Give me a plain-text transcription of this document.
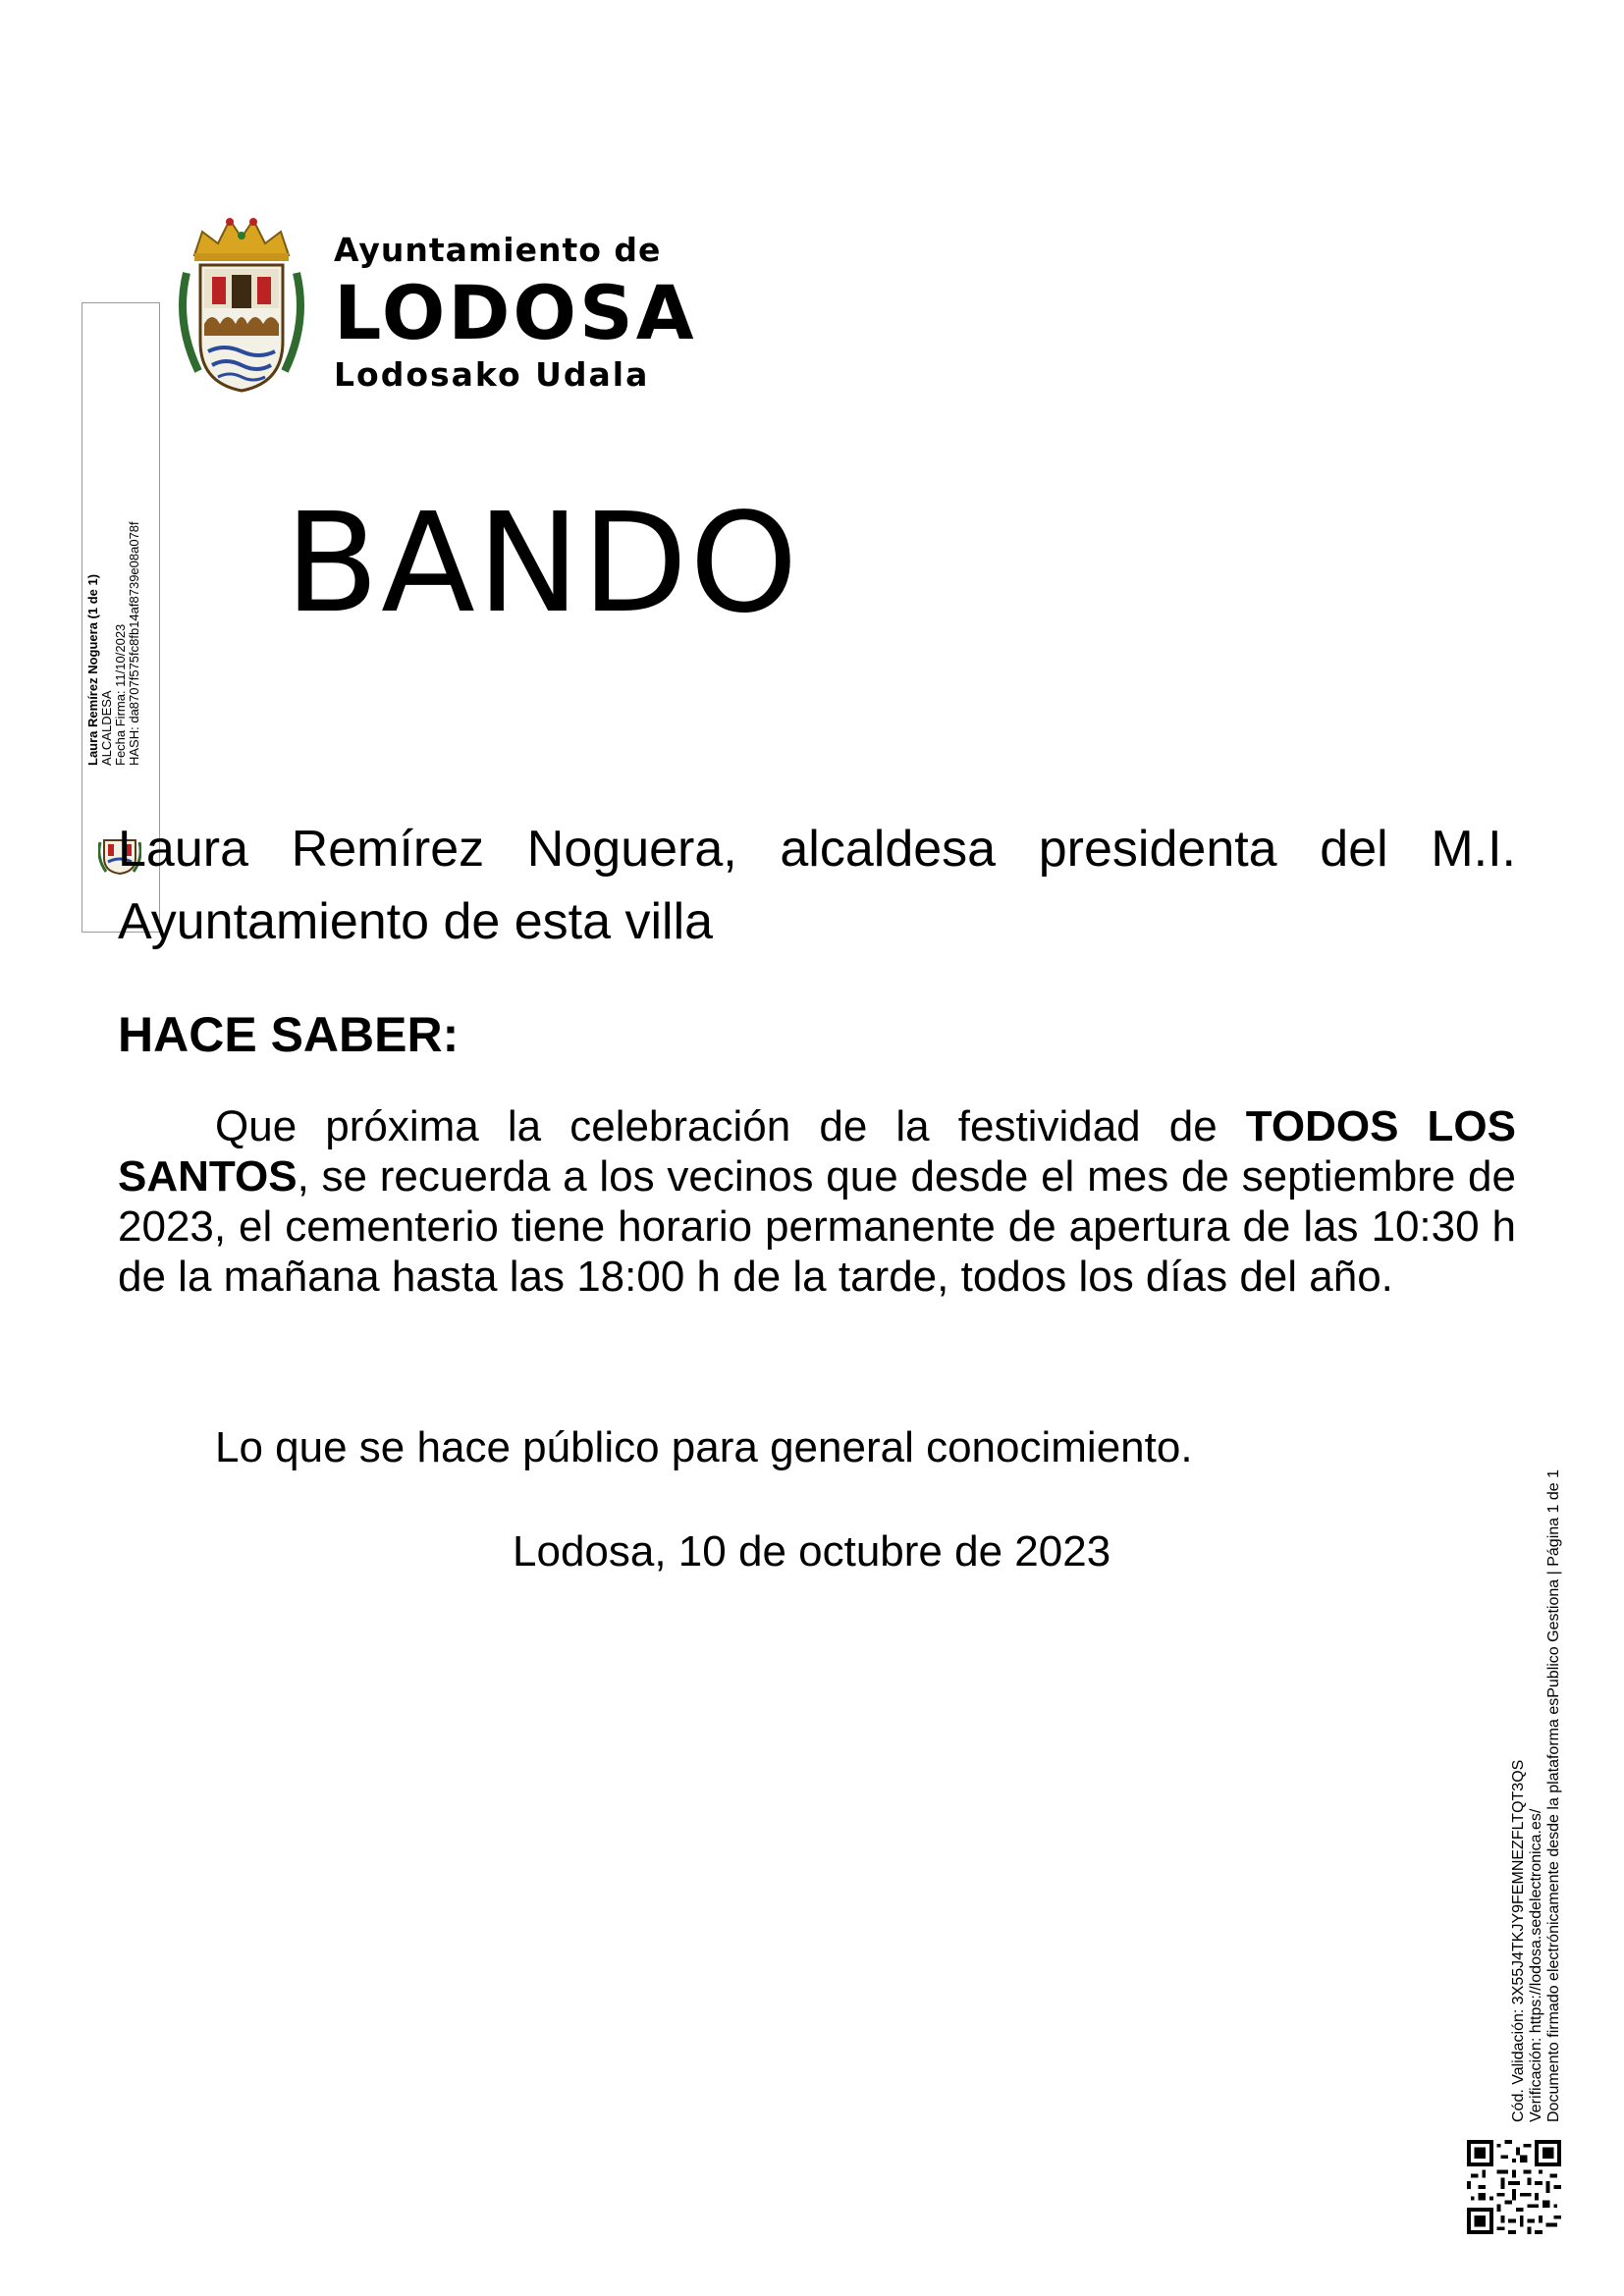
Ayuntamiento de
LODOSA
Lodosako Udala
BANDO
Laura Remírez Noguera (1 de 1) ALCALDESA Fecha Firma: 11/10/2023 HASH: da8707f575fc8fb14af8739e08a078f
Laura Remírez Noguera, alcaldesa presidenta del M.I. Ayuntamiento de esta villa
HACE SABER:
Que próxima la celebración de la festividad de TODOS LOS SANTOS, se recuerda a los vecinos que desde el mes de septiembre de 2023, el cementerio tiene horario permanente de apertura de las 10:30 h de la mañana hasta las 18:00 h de la tarde, todos los días del año.
Lo que se hace público para general conocimiento.
Lodosa, 10 de octubre de 2023
Cód. Validación: 3X55J4TKJY9FEMNEZFLTQT3QS Verificación: https://lodosa.sedelectronica.es/ Documento firmado electrónicamente desde la plataforma esPublico Gestiona | Página 1 de 1
